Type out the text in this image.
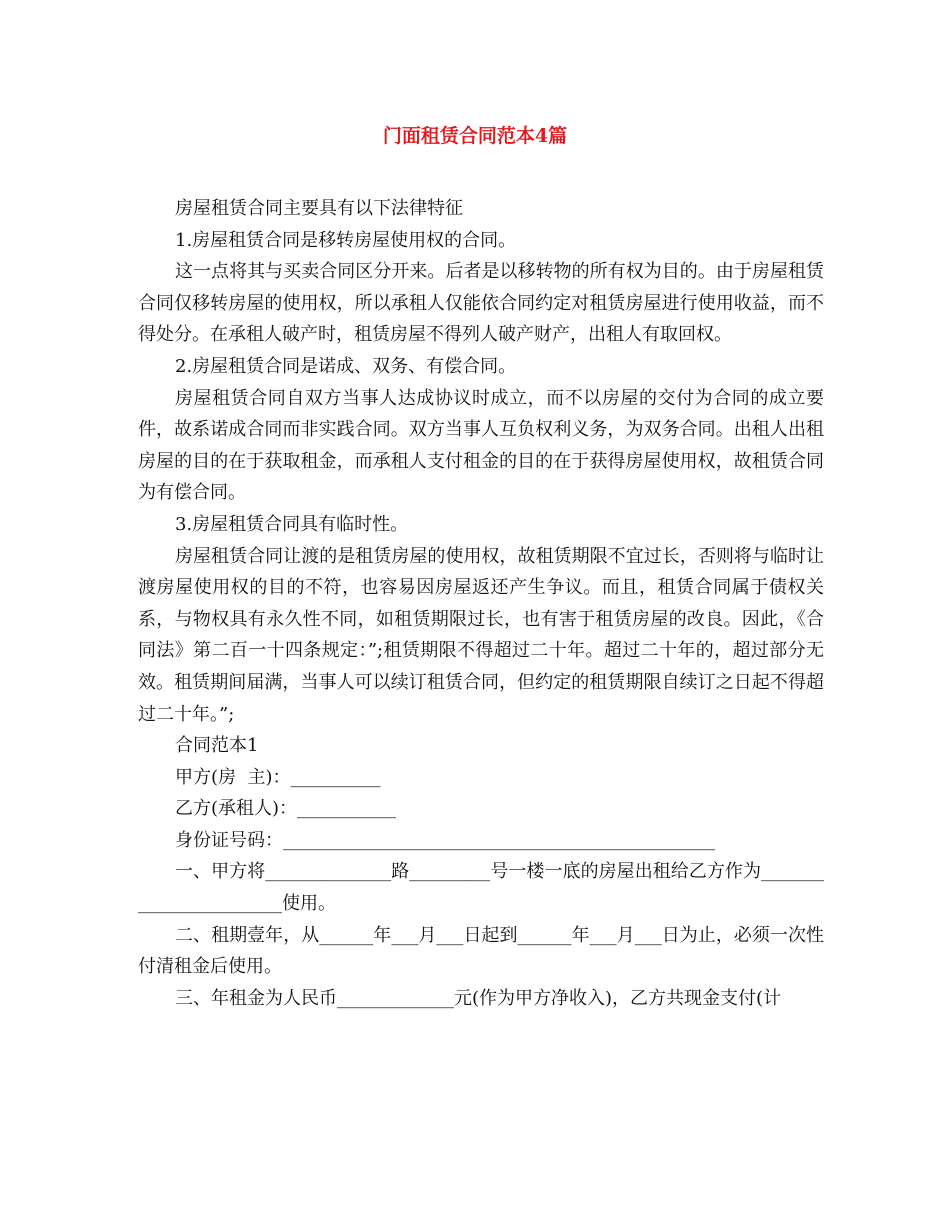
门面租赁合同范本4篇

房屋租赁合同主要具有以下法律特征

1.房屋租赁合同是移转房屋使用权的合同。

这一点将其与买卖合同区分开来。后者是以移转物的所有权为目的。由于房屋租赁合同仅移转房屋的使用权，所以承租人仅能依合同约定对租赁房屋进行使用收益，而不得处分。在承租人破产时，租赁房屋不得列人破产财产，出租人有取回权。

2.房屋租赁合同是诺成、双务、有偿合同。

房屋租赁合同自双方当事人达成协议时成立，而不以房屋的交付为合同的成立要件，故系诺成合同而非实践合同。双方当事人互负权利义务，为双务合同。出租人出租房屋的目的在于获取租金，而承租人支付租金的目的在于获得房屋使用权，故租赁合同为有偿合同。

3.房屋租赁合同具有临时性。

房屋租赁合同让渡的是租赁房屋的使用权，故租赁期限不宜过长，否则将与临时让渡房屋使用权的目的不符，也容易因房屋返还产生争议。而且，租赁合同属于债权关系，与物权具有永久性不同，如租赁期限过长，也有害于租赁房屋的改良。因此，《合同法》第二百一十四条规定：”;租赁期限不得超过二十年。超过二十年的，超过部分无效。租赁期间届满，当事人可以续订租赁合同，但约定的租赁期限自续订之日起不得超过二十年。”;

合同范本1

甲方(房  主)：__________

乙方(承租人)：___________

身份证号码：________________________________________________

一、甲方将______________路_________号一楼一底的房屋出租给乙方作为_______________________使用。

二、租期壹年，从______年___月___日起到______年___月___日为止，必须一次性付清租金后使用。

三、年租金为人民币_____________元(作为甲方净收入)，乙方共现金支付(计
